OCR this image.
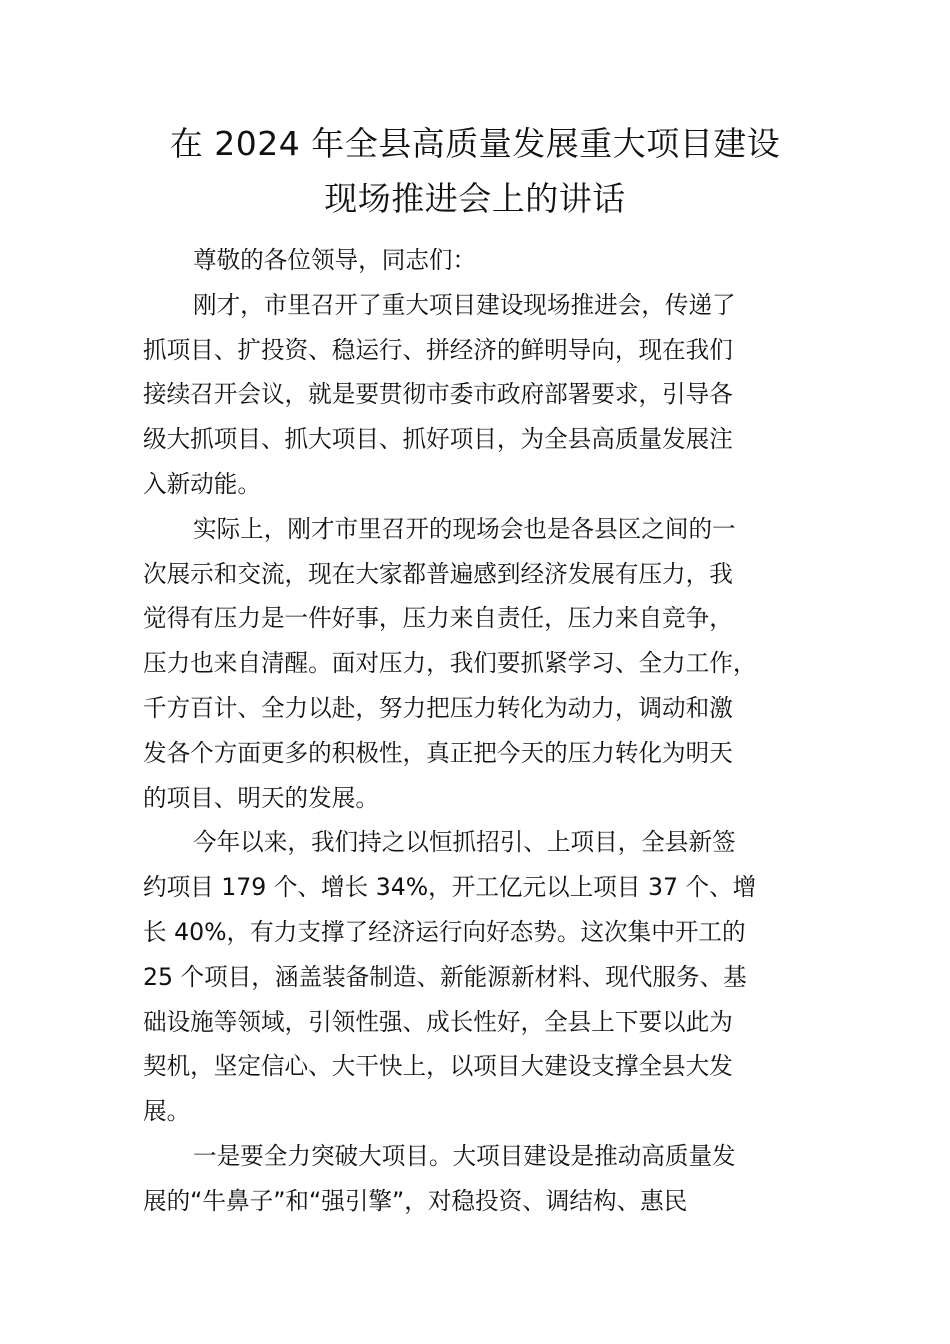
在 2024 年全县高质量发展重大项目建设
现场推进会上的讲话

尊敬的各位领导，同志们：

刚才，市里召开了重大项目建设现场推进会，传递了
抓项目、扩投资、稳运行、拼经济的鲜明导向，现在我们
接续召开会议，就是要贯彻市委市政府部署要求，引导各
级大抓项目、抓大项目、抓好项目，为全县高质量发展注
入新动能。

实际上，刚才市里召开的现场会也是各县区之间的一
次展示和交流，现在大家都普遍感到经济发展有压力，我
觉得有压力是一件好事，压力来自责任，压力来自竞争，
压力也来自清醒。面对压力，我们要抓紧学习、全力工作，
千方百计、全力以赴，努力把压力转化为动力，调动和激
发各个方面更多的积极性，真正把今天的压力转化为明天
的项目、明天的发展。

今年以来，我们持之以恒抓招引、上项目，全县新签
约项目 179 个、增长 34%，开工亿元以上项目 37 个、增
长 40%，有力支撑了经济运行向好态势。这次集中开工的
25 个项目，涵盖装备制造、新能源新材料、现代服务、基
础设施等领域，引领性强、成长性好，全县上下要以此为
契机，坚定信心、大干快上，以项目大建设支撑全县大发
展。

一是要全力突破大项目。大项目建设是推动高质量发
展的“牛鼻子”和“强引擎”，对稳投资、调结构、惠民
